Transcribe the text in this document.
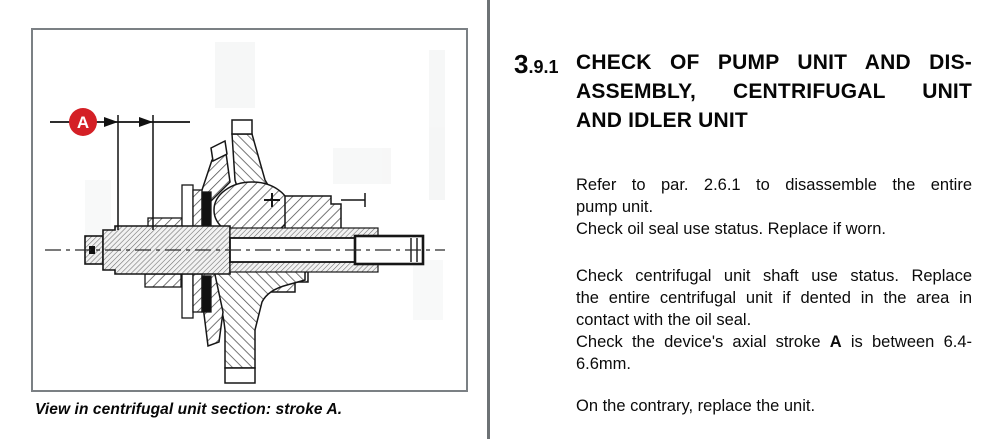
A
View in centrifugal unit section: stroke A.
3.9.1 CHECK OF PUMP UNIT AND DIS-
ASSEMBLY, CENTRIFUGAL UNIT
AND IDLER UNIT
Refer to par. 2.6.1 to disassemble the entire
pump unit.
Check oil seal use status. Replace if worn.
Check centrifugal unit shaft use status. Replace
the entire centrifugal unit if dented in the area in
contact with the oil seal.
Check the device's axial stroke A is between 6.4-
6.6mm.
On the contrary, replace the unit.
